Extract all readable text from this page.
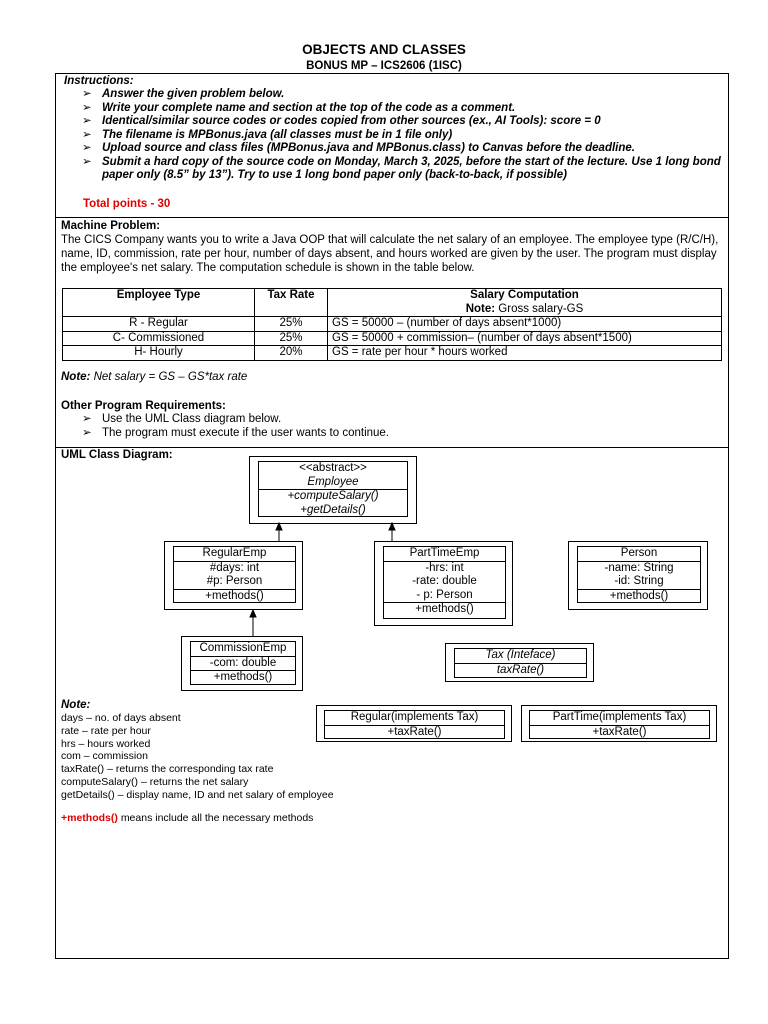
OBJECTS AND CLASSES
BONUS MP – ICS2606 (1ISC)
Instructions:
➢ Answer the given problem below.
➢ Write your complete name and section at the top of the code as a comment.
➢ Identical/similar source codes or codes copied from other sources (ex., AI Tools): score = 0
➢ The filename is MPBonus.java (all classes must be in 1 file only)
➢ Upload source and class files (MPBonus.java and MPBonus.class) to Canvas before the deadline.
➢ Submit a hard copy of the source code on Monday, March 3, 2025, before the start of the lecture. Use 1 long bond paper only (8.5” by 13”). Try to use 1 long bond paper only (back-to-back, if possible)
Total points - 30
Machine Problem:
The CICS Company wants you to write a Java OOP that will calculate the net salary of an employee. The employee type (R/C/H), name, ID, commission, rate per hour, number of days absent, and hours worked are given by the user. The program must display the employee's net salary. The computation schedule is shown in the table below.
Employee Type	Tax Rate	Salary Computation
Note: Gross salary-GS

R - Regular	25%	GS = 50000 – (number of days absent*1000)
C- Commissioned	25%	GS = 50000 + commission– (number of days absent*1500)
H- Hourly	20%	GS = rate per hour * hours worked
Note: Net salary = GS – GS*tax rate
Other Program Requirements:
➢ Use the UML Class diagram below.
➢ The program must execute if the user wants to continue.
UML Class Diagram:
<<abstract>>
Employee
+computeSalary()
+getDetails()
RegularEmp
#days: int
#p: Person
+methods()
PartTimeEmp
-hrs: int
-rate: double
- p: Person
+methods()
Person
-name: String
-id: String
+methods()
CommissionEmp
-com: double
+methods()
Tax (Inteface)
taxRate()
Regular(implements Tax)
+taxRate()
PartTime(implements Tax)
+taxRate()
Note:
days – no. of days absent
rate – rate per hour
hrs – hours worked
com – commission
taxRate() – returns the corresponding tax rate
computeSalary() – returns the net salary
getDetails() – display name, ID and net salary of employee
+methods() means include all the necessary methods
